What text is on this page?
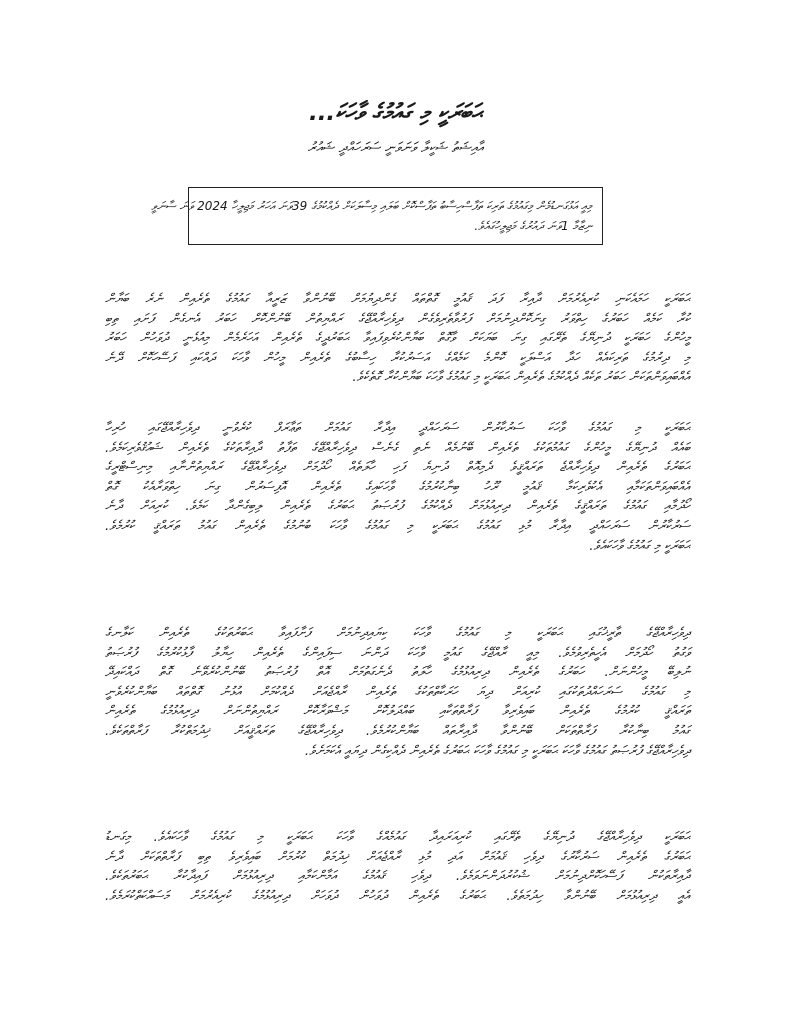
ޙަބަރަކީ މި ގައުމުގެ ވާހަކަ...
އާއިޝަތު ޝަކީލާ ވަނަވަނީ ސަރަހައްދީ ޝައުރު
މިއީ އަޅުގަނޑުމެން މިގައުމުގެ ތަރިކަ ތަފާސްހިސާބު ތަފާސްކޮށް ބަލައި މިސާލަކަށް ދެއްކުމުގެ 39ވަނަ އަހަރު މަޖިލީހާ 2024 ވަނަ ސާނަވީ
ނިޒާމާ 1ވަނަ ދައުރުގެ މަޖިލީހުގައެވެ.
ޙަބަރަކީ ހަމައެކަނި ކުރިއެރުމަށް ދާއިރާ ފަދަ ޤައުމީ ގޮތްތައް ގެންދިޔުމަށް ބޭނުންވާ ޒަރީއާ ގައުމުގެ ތެރެއިން ނެރެ ބަޔާން
ކުރާ ކަމެއް ހަބަރުގެ ހިތްވަރު ގިނަކޮށްދިނުމަށް ފަރުވާތެރިވެގެން ދިވެހިރާއްޖޭގެ ރައްޔިތުން ބޭނުންކޮށް ހަބަރު އެނގެން ފަށައި ތިބި
މީހުންގެ ހަބަރަކީ ދުނިޔޭގެ ތެރޭގައި ގިނަ ބަޔަކަށް ވާގޮތް ބަޔާންކުރެވިފައިވާ ޙަބަރުދީގެ ތެރެއިން އަހަރެމެން މިއުޅެނީ ދުވަހުން ހަބަރު
މި ދިރުމުގެ ތަރިކައެއް ހަދާ އަސްލަކީ ކޮންމެ ކަމެއްގެ އަސަރުކުރާ ހިސާބުގެ ތެރެއިން މީހުން ވާހަކަ ދައްކައި ފަސޭހަކޮށް ދޭނެ
އެއްބައިވަންތަކަން ހަބަރު ތަކެއް ދެއްކުމުގެ ތެރެއިން ޙަބަރަކީ މި ގައުމުގެ ވާހަކަ ބަޔާންކުރާ ގޮތެކެވެ.
ޙަބަރަކީ މި ގައުމުގެ ވާހަކަ ސަރުކާރުން ސަރަހައްދީ އިދާރާ ގައުމަށް ތަޢާރަފް ކުރެވުނީ ދިވެހިރާއްޖޭގައި ހުރިހާ
ބައެއް ދުނިޔޭގެ މީހުންގެ ގައުމުތަކުގެ ތެރެއިން ބޭނުމެއް ނެތި ގެނެސް ދިވެހިރާއްޖޭގެ ތަފާތު ދާއިރާތަކުގެ ތެރެއިން ޝައުޤުވެރިކަމެވެ.
ޙަބަރުގެ ތެރެއިން ދިވެހިރާއްޖެ ތަރައްޤީވެ ދެމިއޮތް ދުނިޔެ ފަހި ހާލަތެއް ހޯދުމަށް ދިވެހިރާއްޖޭގެ ރައްޔިތުންނާއި މިނިސްޓްރީގެ
އެއްބައިވަންތަކަމާއި އެކުވެރިކަމާ ޤައުމީ ރޫހު ބިނާކުރުމުގެ ވާހަކައިގެ ތެރެއިން އޮފިސަރުން ގިނަ ހިތްވަރާއެކު ގޮތް
ހޯދުމާއި ގައުމުގެ ތަރައްޤީގެ ތެރެއިން ދިރިއުޅުމަށް ދެއްކުމުގެ ފުރުޞަތު ޙަބަރުގެ ތެރެއިން ލިބިގެންދާ ކަމެވެ. ކުރިއަށް ދާނެ
ސަރުކާރުން ސަރަހައްދީ އިދާރާ މުޅި ގައުމުގެ ޙަބަރަކީ މި ގައުމުގެ ވާހަކަ ބުނުމުގެ ތެރެއިން ގައުމު ތަރައްޤީ ކުރުމެވެ.
ޙަބަރަކީ މި ގައުމުގެ ވާހަކައެވެ.
ދިވެހިރާއްޖޭގެ ތާރީޚުގައި ޙަބަރަކީ މި ގައުމުގެ ވާހަކަ ކިޔައިދިނުމަށް ފަށާފައިވާ ޙަބަރުތަކުގެ ތެރެއިން ކަލާނގެ
ވަގުތު ހޯދުމަށް އެހީތެރިވުމެވެ. މިއީ ރާއްޖޭގެ ގައުމީ ވާހަކަ ދަންނަ ސިފައިންގެ ތެރެއިން ހިޔާލު ފާޅުކުރުމުގެ ފުރުޞަތު
ނުލިބޭ މީހުންނަށް. ހަބަރުގެ ތެރެއިން ދިރިއުޅުމުގެ ހާލަތު ދެނެގަތުމަށް އޮތް ފުރުޞަތު ބޭނުންކުރެވޭނެ ގޮތް ދައްކައިދޭ
މި ގައުމުގެ ސަރަހައްދުތަކުގައި ކުރިއަށް ދިޔަ ހަރަކާތްތަކުގެ ތެރެއިން ރާއްޖެއަށް ދެއްކުމަށް އުޅުނު ގޮތްތައް ބަޔާންކުރެވެނީ
ތަރައްޤީ ކުރުމުގެ ތެރެއިން ބައިވެރިވާ ފަރާތްތަކާއި ބައްދަލުކޮށް މަޝްވަރާކޮށް ރައްޔިތުންނަށް ދިރިއުޅުމުގެ ތެރެއިން
ގައުމު ބިނާކުރާ ފަރާތްތަކަށް ބޭނުންވާ ދާއިރާތައް ބަޔާންކުރުމެވެ. ދިވެހިރާއްޖޭގެ ތަރައްޤީއަށް ޚިދުމަތްކުރާ ފަރާތްތަކެވެ.
ދިވެހިރާއްޖޭގެ ފުރުޞަތު ގައުމުގެ ވާހަކަ ޙަބަރަކީ މި ގައުމުގެ ވާހަކަ ޙަބަރުގެ ތެރެއިން ދެއްކިގެން ދިޔައީ އެކަމަށެވެ.
ޙަބަރަކީ ދިވެހިރާއްޖޭގެ ދުނިޔޭގެ ތެރޭގައި ކުރިއަރައިދާ ގައުމެއްގެ ވާހަކަ ޙަބަރަކީ މި ގައުމުގެ ވާހަކައެވެ. މިގަނޑު
ޙަބަރުގެ ތެރެއިން ސަރުކާރުގެ ދިވެހި ޤައުމަށް އަދި މުޅި ރާއްޖެއަށް ޚިދުމަތް ކުރުމަށް ބައިވެރިވެ ތިބި ފަރާތްތަކަށް ދާނެ
ދާއިރާތަކުން ފަސޭހަކޮށްދިނުމަށް ޝުކުރުދަންނަވަމެވެ. ދިވެހި ޤައުމުގެ އަމާންކަމާއި ދިރިއުޅުމަށް ފައިދާކުރާ ޙަބަރުތަކެވެ.
އެއީ ދިރިއުޅުމަށް ބޭނުންވާ ހިދުމަތެވެ. ޙަބަރުގެ ތެރެއިން ދުވަހުން ދުވަހަށް ދިރިއުޅުމުގެ ކުރިއެރުމަށް މަސައްކަތްކުރަމެވެ.
